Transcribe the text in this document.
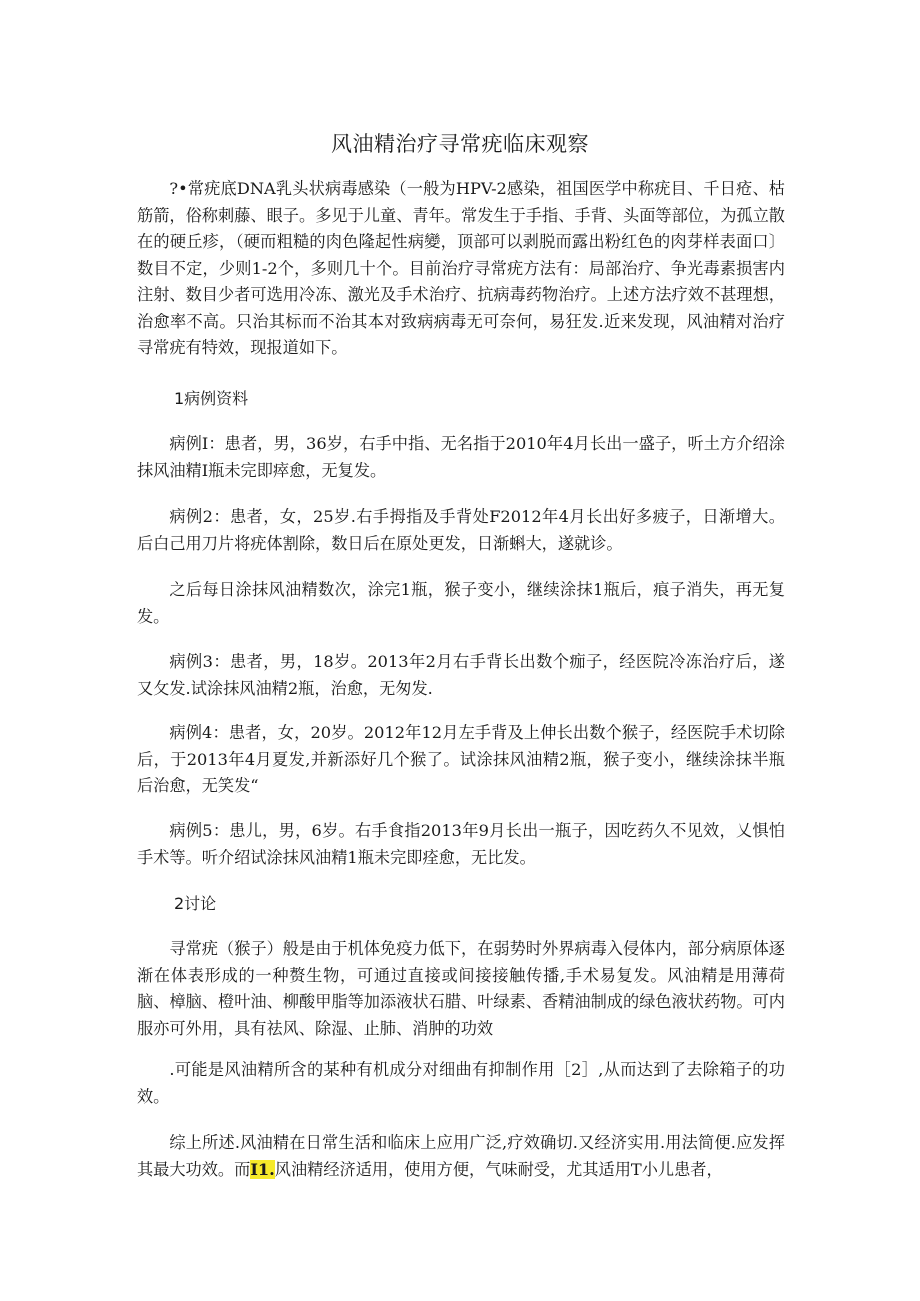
风油精治疗寻常疣临床观察

?•常疣底DNA乳头状病毒感染（一般为HPV-2感染，祖国医学中称疣目、千日疮、枯筋箭，俗称刺藤、眼子。多见于儿童、青年。常发生于手指、手背、头面等部位，为孤立散在的硬丘疹，（硬而粗糙的肉色隆起性病變，顶部可以剥脱而露出粉红色的肉芽样表面口〕数目不定，少则1-2个，多则几十个。目前治疗寻常疣方法有：局部治疗、争光毒素损害内注射、数目少者可选用冷冻、激光及手术治疗、抗病毒药物治疗。上述方法疗效不甚理想，治愈率不高。只治其标而不治其本对致病病毒无可奈何，易狂发.近来发现，风油精对治疗寻常疣有特效，现报道如下。

1病例资料

病例I：患者，男，36岁，右手中指、无名指于2010年4月长出一盛子，听土方介绍涂抹风油精I瓶未完即瘁愈，无复发。

病例2：患者，女，25岁.右手拇指及手背处F2012年4月长出好多疲子，日渐增大。后白己用刀片将疣体割除，数日后在原处更发，日渐蝌大，遂就诊。

之后每日涂抹风油精数次，涂完1瓶，猴子变小，继续涂抹1瓶后，痕子消失，再无复发。

病例3：患者，男，18岁。2013年2月右手背长出数个痂子，经医院冷冻治疗后，遂又攵发.试涂抹风油精2瓶，治愈，无匆发.

病例4：患者，女，20岁。2012年12月左手背及上伸长出数个猴子，经医院手术切除后，于2013年4月夏发,并新添好几个猴了。试涂抹风油精2瓶，猴子变小，继续涂抹半瓶后治愈，无笑发“

病例5：患儿，男，6岁。右手食指2013年9月长出一瓶子，因吃药久不见效，乂惧怕手术等。听介绍试涂抹风油精1瓶未完即痊愈，无比发。

2讨论

寻常疣（猴子）般是由于机体免疫力低下，在弱势时外界病毒入侵体内，部分病原体逐渐在体表形成的一种赘生物，可通过直接或间接接触传播,手术易复发。风油精是用薄荷脑、樟脑、橙叶油、柳酸甲脂等加添液状石腊、叶绿素、香精油制成的绿色液状药物。可内服亦可外用，具有祛风、除湿、止肺、消肿的功效

.可能是风油精所含的某种有机成分对细曲有抑制作用［2］,从而达到了去除箱子的功效。

综上所述.风油精在日常生活和临床上应用广泛,疗效确切.又经济实用.用法简便.应发挥其最大功效。而I1.风油精经济适用，使用方便，气味耐受，尤其适用T小儿患者，
